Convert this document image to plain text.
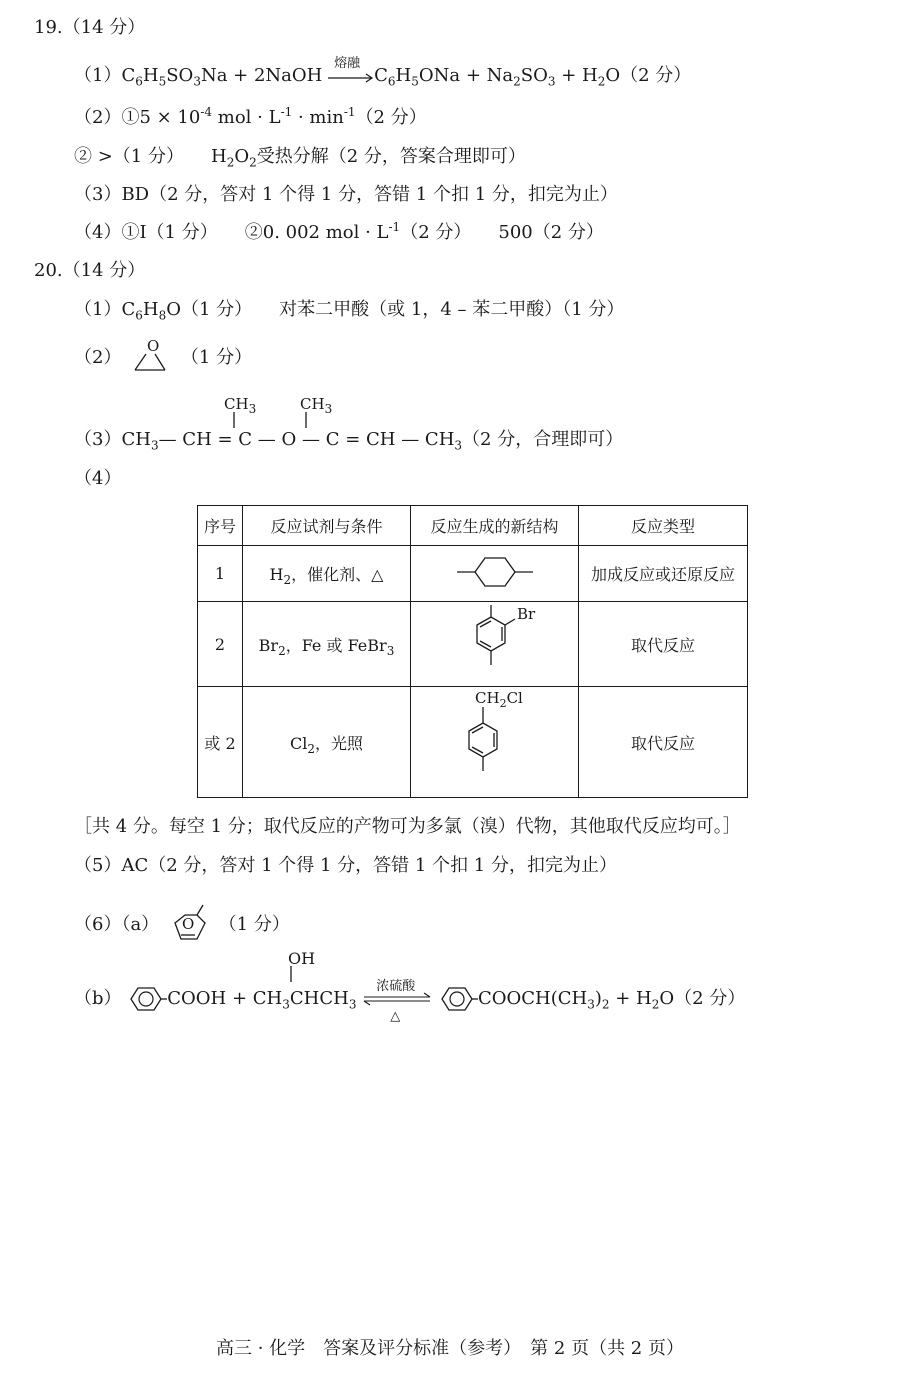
19.（14 分）
$(1)C_6H_5SO_3Na$ + 2NaOH
熔融
$C_6H_5ONa + Na_2SO_3 + H_2O(2$ 分）
（2）①5 × $10^{-4}$ mol · $L^{-1} \cdot \min^{-1}(2$ 分）
② >（1 分）　　$H_2O_2$受热分解（2 分，答案合理即可）
（3）BD（2 分，答对 1 个得 1 分，答错 1 个扣 1 分，扣完为止）
（4）①I（1 分）　　②0. 002 mol · $L^{-1}(2$ 分）　　500（2 分）
20.（14 分）
$(1)C_6H_8O(1$ 分）　　对苯二甲酸（或 1，4 – 苯二甲酸）（1 分）
（2）
O
（1 分）
$CH_3$	$CH_3$
$(3)CH_3—$ CH = C — O — C = CH — $CH_3(2$ 分，合理即可）
（4）
序号	反应试剂与条件	反应生成的新结构	反应类型
1	$H_2$，催化剂、△		加成反应或还原反应
2	$Br_2$，Fe 或 FeBr$_3$	Br	取代反应
或 2	$Cl_2$，光照	$CH_2Cl$	取代反应
［共 4 分。每空 1 分；取代反应的产物可为多氯（溴）代物，其他取代反应均可。］
（5）AC（2 分，答对 1 个得 1 分，答错 1 个扣 1 分，扣完为止）
（6）（a） O （1 分）
OH
（b）	COOH + $CH_3CHCH_3$
浓硫酸
△
$COOCH(CH_3)_2 + H_2O(2$ 分）
高三 · 化学　答案及评分标准（参考）　第 2 页（共 2 页）
